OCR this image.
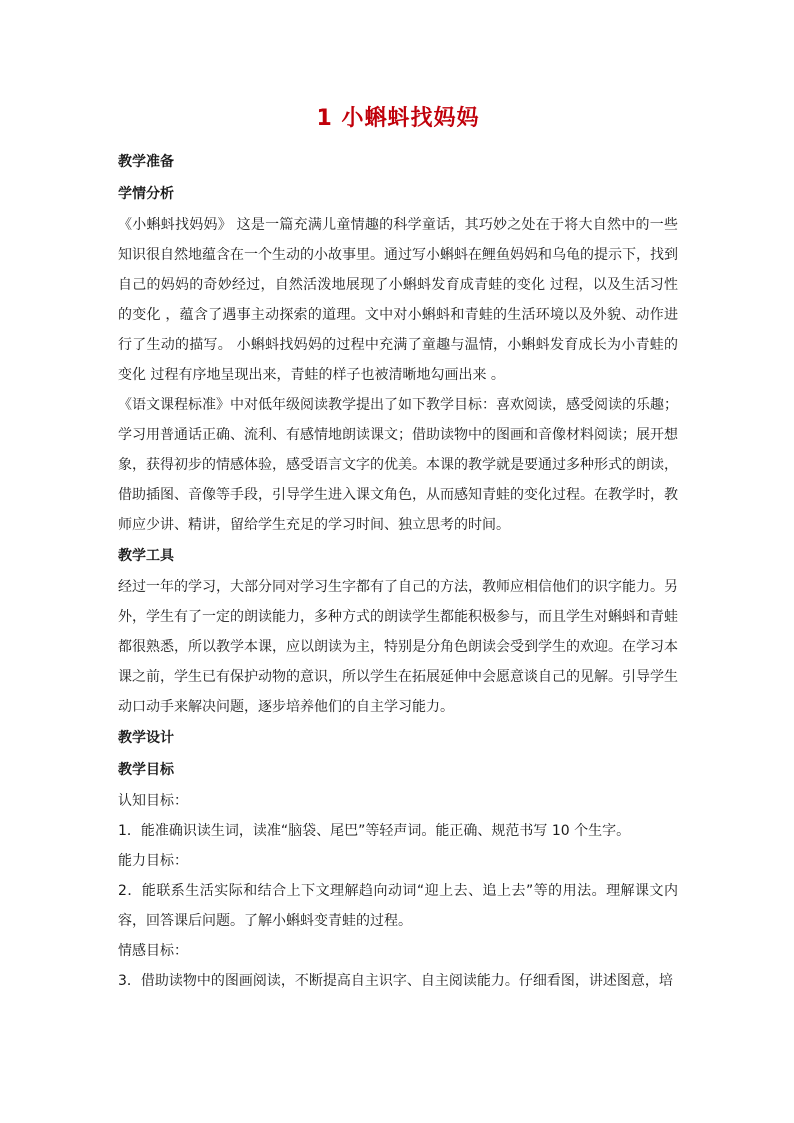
1 小蝌蚪找妈妈
教学准备
学情分析

《小蝌蚪找妈妈》 这是一篇充满儿童情趣的科学童话，其巧妙之处在于将大自然中的一些知识很自然地蕴含在一个生动的小故事里。通过写小蝌蚪在鲤鱼妈妈和乌龟的提示下，找到自己的妈妈的奇妙经过，自然活泼地展现了小蝌蚪发育成青蛙的变化 过程，以及生活习性的变化 ，蕴含了遇事主动探索的道理。文中对小蝌蚪和青蛙的生活环境以及外貌、动作进行了生动的描写。 小蝌蚪找妈妈的过程中充满了童趣与温情，小蝌蚪发育成长为小青蛙的变化 过程有序地呈现出来，青蛙的样子也被清晰地勾画出来 。

《语文课程标准》中对低年级阅读教学提出了如下教学目标：喜欢阅读，感受阅读的乐趣；学习用普通话正确、流利、有感情地朗读课文；借助读物中的图画和音像材料阅读；展开想象，获得初步的情感体验，感受语言文字的优美。本课的教学就是要通过多种形式的朗读，借助插图、音像等手段，引导学生进入课文角色，从而感知青蛙的变化过程。在教学时，教师应少讲、精讲，留给学生充足的学习时间、独立思考的时间。

教学工具

经过一年的学习，大部分同对学习生字都有了自己的方法，教师应相信他们的识字能力。另外，学生有了一定的朗读能力，多种方式的朗读学生都能积极参与，而且学生对蝌蚪和青蛙都很熟悉，所以教学本课，应以朗读为主，特别是分角色朗读会受到学生的欢迎。在学习本课之前，学生已有保护动物的意识，所以学生在拓展延伸中会愿意谈自己的见解。引导学生动口动手来解决问题，逐步培养他们的自主学习能力。

教学设计
教学目标

认知目标：

1．能准确识读生词，读准“脑袋、尾巴”等轻声词。能正确、规范书写 10 个生字。

能力目标：

2．能联系生活实际和结合上下文理解趋向动词“迎上去、追上去”等的用法。理解课文内容，回答课后问题。了解小蝌蚪变青蛙的过程。

情感目标：

3．借助读物中的图画阅读，不断提高自主识字、自主阅读能力。仔细看图，讲述图意，培
